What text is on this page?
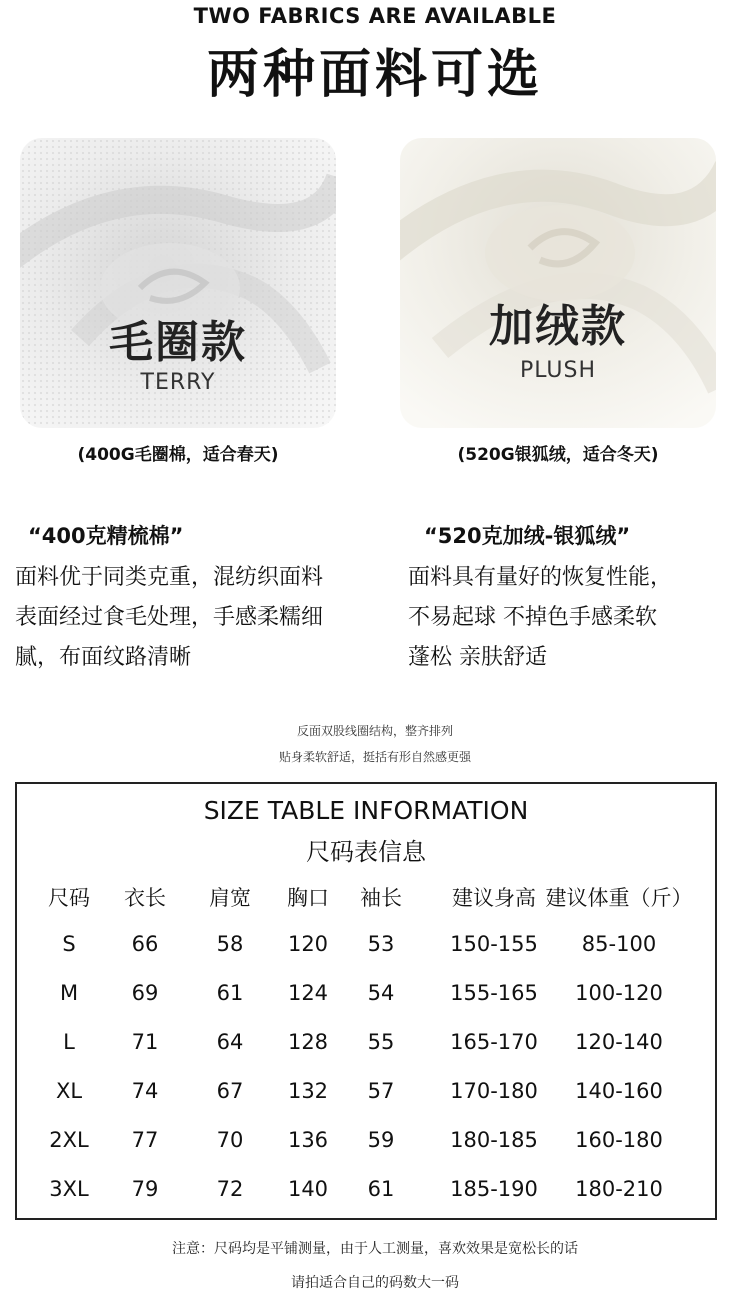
TWO FABRICS ARE AVAILABLE
两种面料可选
毛圈款
TERRY
加绒款
PLUSH
(400G毛圈棉，适合春天)	(520G银狐绒，适合冬天)
“400克精梳棉”	“520克加绒-银狐绒”
面料优于同类克重，混纺织面料
表面经过食毛处理，手感柔糯细
腻，布面纹路清晰
面料具有量好的恢复性能，
不易起球 不掉色手感柔软
蓬松 亲肤舒适
反面双股线圈结构，整齐排列
贴身柔软舒适，挺括有形自然感更强
SIZE TABLE INFORMATION
尺码表信息
尺码 衣长 肩宽 胸口 袖长 建议身高 建议体重（斤）
S	66	58 120 53	150-155 85-100
M	69	61 124 54	155-165 100-120
L	71	64 128 55	165-170 120-140
XL 74	67 132 57	170-180 140-160
2XL 77	70 136 59	180-185 160-180
3XL 79	72 140 61	185-190 180-210
注意：尺码均是平铺测量，由于人工测量，喜欢效果是宽松长的话
请拍适合自己的码数大一码
